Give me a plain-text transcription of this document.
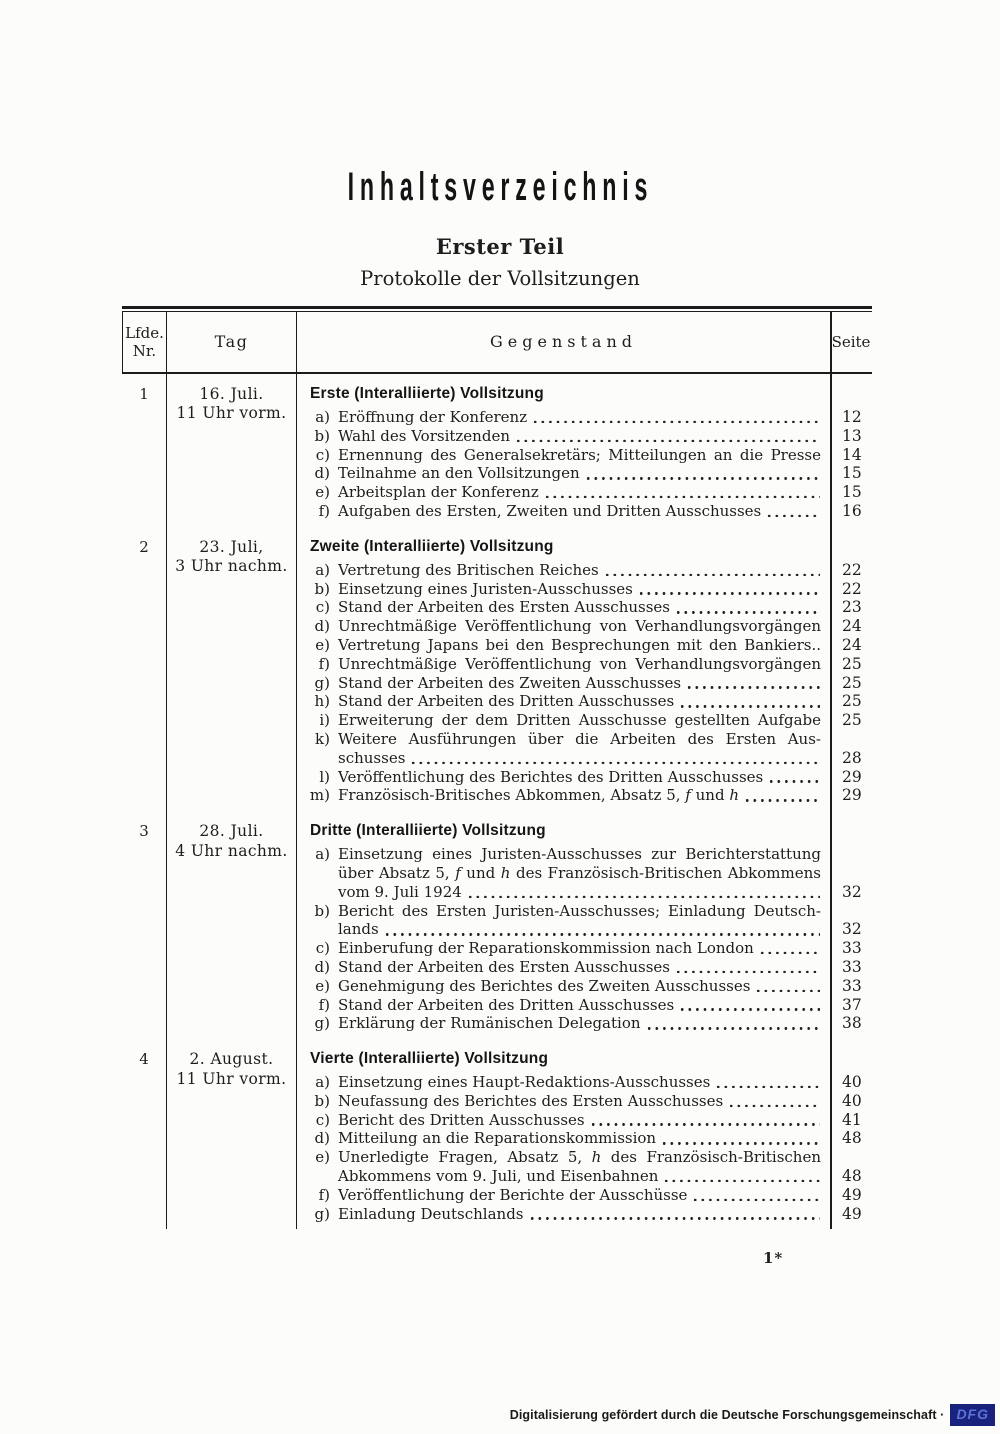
Inhaltsverzeichnis
Erster Teil
Protokolle der Vollsitzungen
Lfde.
Nr.	Tag	Gegenstand	Seite
1	16. Juli.
11 Uhr vorm.
Erste (Interalliierte) Vollsitzung
a) Eröffnung der Konferenz	12
b) Wahl des Vorsitzenden	13
c) Ernennung des Generalsekretärs; Mitteilungen an die Presse	14
d) Teilnahme an den Vollsitzungen	15
e) Arbeitsplan der Konferenz	15
f) Aufgaben des Ersten, Zweiten und Dritten Ausschusses	16
2	23. Juli,
3 Uhr nachm.
Zweite (Interalliierte) Vollsitzung
a) Vertretung des Britischen Reiches	22
b) Einsetzung eines Juristen-Ausschusses	22
c) Stand der Arbeiten des Ersten Ausschusses	23
d) Unrechtmäßige Veröffentlichung von Verhandlungsvorgängen	24
e) Vertretung Japans bei den Besprechungen mit den Bankiers..	24
f) Unrechtmäßige Veröffentlichung von Verhandlungsvorgängen	25
g) Stand der Arbeiten des Zweiten Ausschusses	25
h) Stand der Arbeiten des Dritten Ausschusses	25
i) Erweiterung der dem Dritten Ausschusse gestellten Aufgabe	25
k) Weitere Ausführungen über die Arbeiten des Ersten Aus-
schusses	28
l) Veröffentlichung des Berichtes des Dritten Ausschusses	29
m) Französisch-Britisches Abkommen, Absatz 5, f und h	29
3	28. Juli.
4 Uhr nachm.
Dritte (Interalliierte) Vollsitzung
a) Einsetzung eines Juristen-Ausschusses zur Berichterstattung
über Absatz 5, f und h des Französisch-Britischen Abkommens
vom 9. Juli 1924	32
b) Bericht des Ersten Juristen-Ausschusses; Einladung Deutsch-
lands	32
c) Einberufung der Reparationskommission nach London	33
d) Stand der Arbeiten des Ersten Ausschusses	33
e) Genehmigung des Berichtes des Zweiten Ausschusses	33
f) Stand der Arbeiten des Dritten Ausschusses	37
g) Erklärung der Rumänischen Delegation	38
4	2. August.
11 Uhr vorm.
Vierte (Interalliierte) Vollsitzung
a) Einsetzung eines Haupt-Redaktions-Ausschusses	40
b) Neufassung des Berichtes des Ersten Ausschusses	40
c) Bericht des Dritten Ausschusses	41
d) Mitteilung an die Reparationskommission	48
e) Unerledigte Fragen, Absatz 5, h des Französisch-Britischen
Abkommens vom 9. Juli, und Eisenbahnen	48
f) Veröffentlichung der Berichte der Ausschüsse	49
g) Einladung Deutschlands	49
1*
Digitalisierung gefördert durch die Deutsche Forschungsgemeinschaft · DFG
